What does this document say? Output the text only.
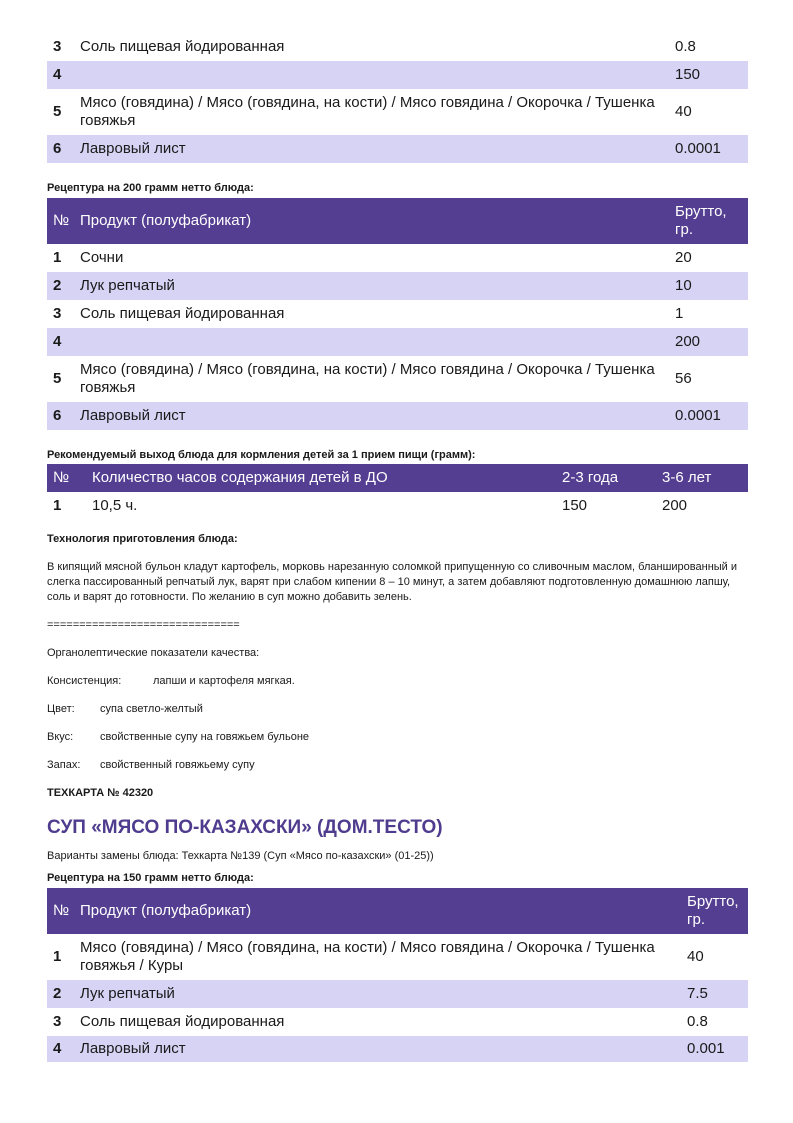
3	Соль пищевая йодированная	0.8
4		150
5	Мясо (говядина) / Мясо (говядина, на кости) / Мясо говядина / Окорочка / Тушенка говяжья	40
6	Лавровый лист	0.0001
Рецептура на 200 грамм нетто блюда:
№	Продукт (полуфабрикат)	Брутто, гр.
1	Сочни	20
2	Лук репчатый	10
3	Соль пищевая йодированная	1
4		200
5	Мясо (говядина) / Мясо (говядина, на кости) / Мясо говядина / Окорочка / Тушенка говяжья	56
6	Лавровый лист	0.0001
Рекомендуемый выход блюда для кормления детей за 1 прием пищи (грамм):
№	Количество часов содержания детей в ДО	2-3 года	3-6 лет
1	10,5 ч.	150	200
Технология приготовления блюда:
В кипящий мясной бульон кладут картофель, морковь нарезанную соломкой припущенную со сливочным маслом, бланшированный и слегка пассированный репчатый лук, варят при слабом кипении 8 – 10 минут, а затем добавляют подготовленную домашнюю лапшу, соль и варят до готовности. По желанию в суп можно добавить зелень.
==============================
Органолептические показатели качества:
Консистенция:	лапши и картофеля мягкая.
Цвет:	супа светло-желтый
Вкус:	свойственные супу на говяжьем бульоне
Запах:	свойственный говяжьему супу
ТЕХКАРТА № 42320
СУП «МЯСО ПО-КАЗАХСКИ» (ДОМ.ТЕСТО)
Варианты замены блюда: Техкарта №139 (Суп «Мясо по-казахски» (01-25))
Рецептура на 150 грамм нетто блюда:
№	Продукт (полуфабрикат)	Брутто, гр.
1	Мясо (говядина) / Мясо (говядина, на кости) / Мясо говядина / Окорочка / Тушенка говяжья / Куры	40
2	Лук репчатый	7.5
3	Соль пищевая йодированная	0.8
4	Лавровый лист	0.001
